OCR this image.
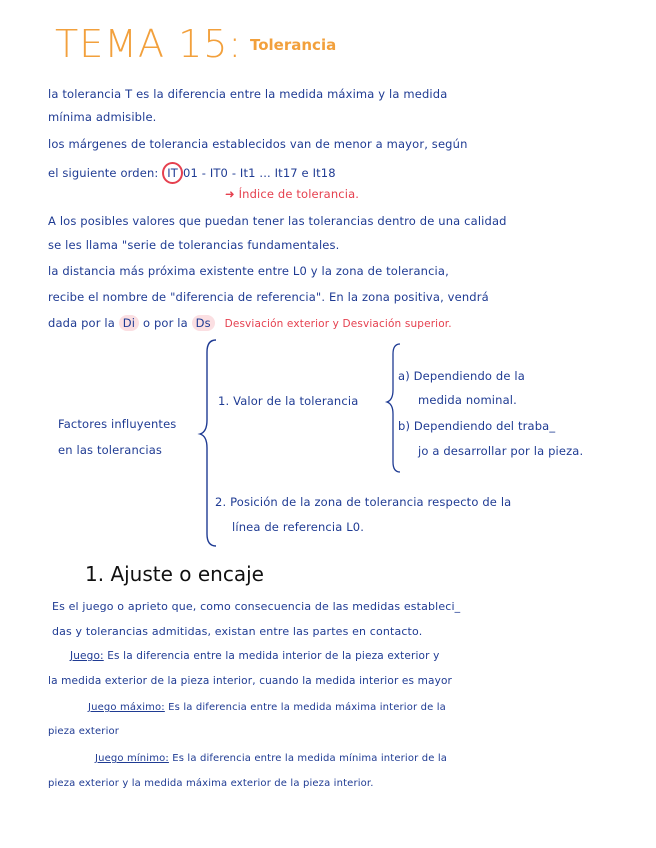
TEMA 15: Tolerancia
la tolerancia T es la diferencia entre la medida máxima y la medida
mínima admisible.
los márgenes de tolerancia establecidos van de menor a mayor, según
el siguiente orden: IT 01 - IT0 - It1 ... It17 e It18
➜ Índice de tolerancia.
A los posibles valores que puedan tener las tolerancias dentro de una calidad
se les llama "serie de tolerancias fundamentales.
la distancia más próxima existente entre L0 y la zona de tolerancia,
recibe el nombre de "diferencia de referencia". En la zona positiva, vendrá
dada por la Di o por la Ds Desviación exterior y Desviación superior.
Factores influyentes
en las tolerancias
1. Valor de la tolerancia
a) Dependiendo de la
medida nominal.
b) Dependiendo del traba_
jo a desarrollar por la pieza.
2. Posición de la zona de tolerancia respecto de la
línea de referencia L0.
1. Ajuste o encaje
Es el juego o aprieto que, como consecuencia de las medidas estableci_
das y tolerancias admitidas, existan entre las partes en contacto.
Juego: Es la diferencia entre la medida interior de la pieza exterior y
la medida exterior de la pieza interior, cuando la medida interior es mayor
Juego máximo: Es la diferencia entre la medida máxima interior de la
pieza exterior
Juego mínimo: Es la diferencia entre la medida mínima interior de la
pieza exterior y la medida máxima exterior de la pieza interior.
